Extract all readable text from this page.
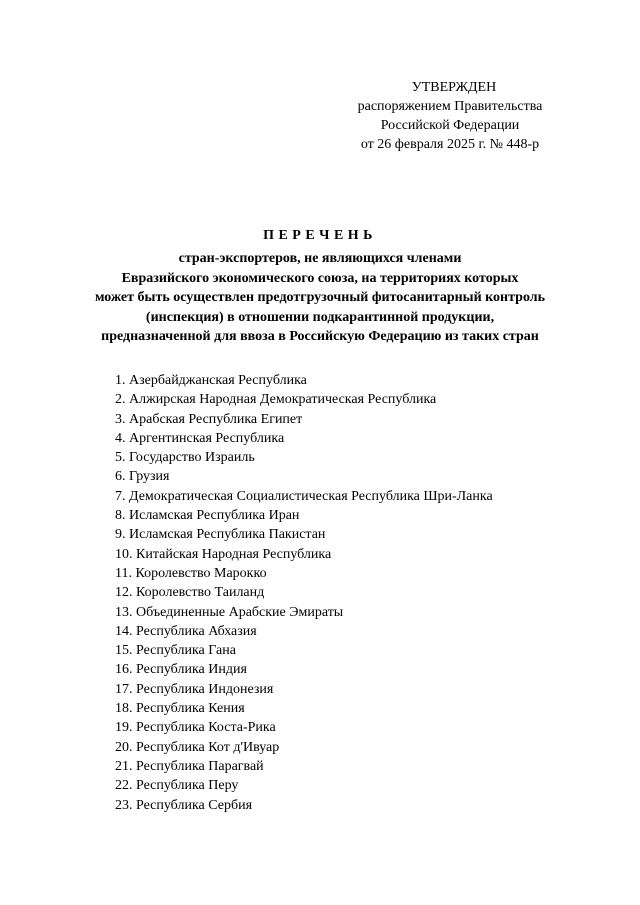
УТВЕРЖДЕН
распоряжением Правительства
Российской Федерации
от 26 февраля 2025 г. № 448-р
ПЕРЕЧЕНЬ
стран-экспортеров, не являющихся членами
Евразийского экономического союза, на территориях которых
может быть осуществлен предотгрузочный фитосанитарный контроль
(инспекция) в отношении подкарантинной продукции,
предназначенной для ввоза в Российскую Федерацию из таких стран
1. Азербайджанская Республика
2. Алжирская Народная Демократическая Республика
3. Арабская Республика Египет
4. Аргентинская Республика
5. Государство Израиль
6. Грузия
7. Демократическая Социалистическая Республика Шри-Ланка
8. Исламская Республика Иран
9. Исламская Республика Пакистан
10. Китайская Народная Республика
11. Королевство Марокко
12. Королевство Таиланд
13. Объединенные Арабские Эмираты
14. Республика Абхазия
15. Республика Гана
16. Республика Индия
17. Республика Индонезия
18. Республика Кения
19. Республика Коста-Рика
20. Республика Кот д'Ивуар
21. Республика Парагвай
22. Республика Перу
23. Республика Сербия
